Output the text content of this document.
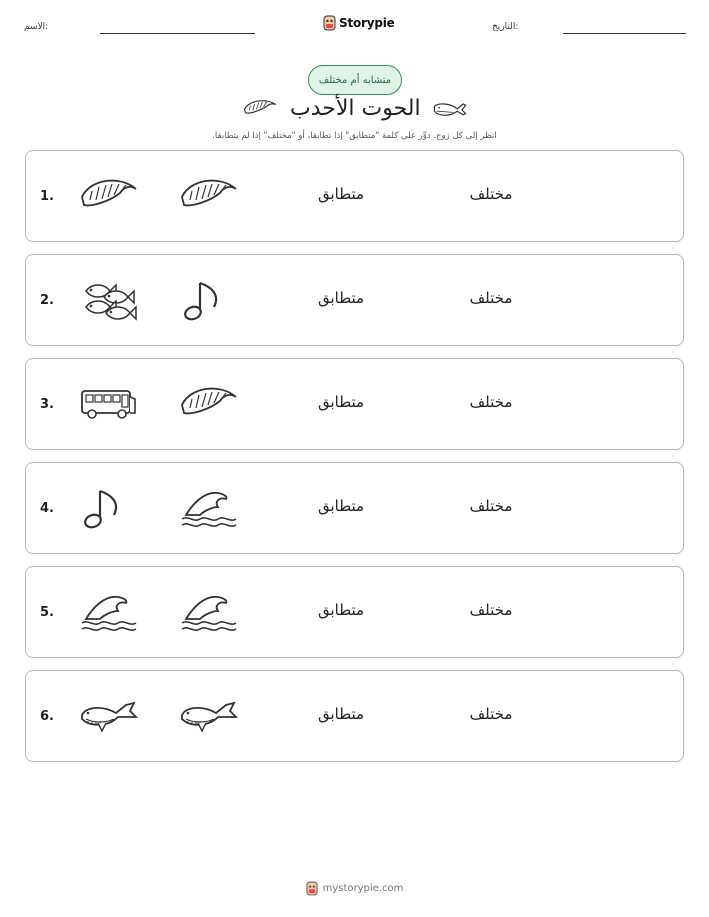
الاسم:	Storypie	التاريخ:
متشابه أم مختلف
الحوت الأحدب
انظر إلى كل زوج. دوِّر على كلمة "متطابق" إذا تطابقا، أو "مختلف" إذا لم يتطابقا.
1.	متطابق	مختلف
2.	متطابق	مختلف
3.	متطابق	مختلف
4.	متطابق	مختلف
5.	متطابق	مختلف
6.	متطابق	مختلف
mystorypie.com
